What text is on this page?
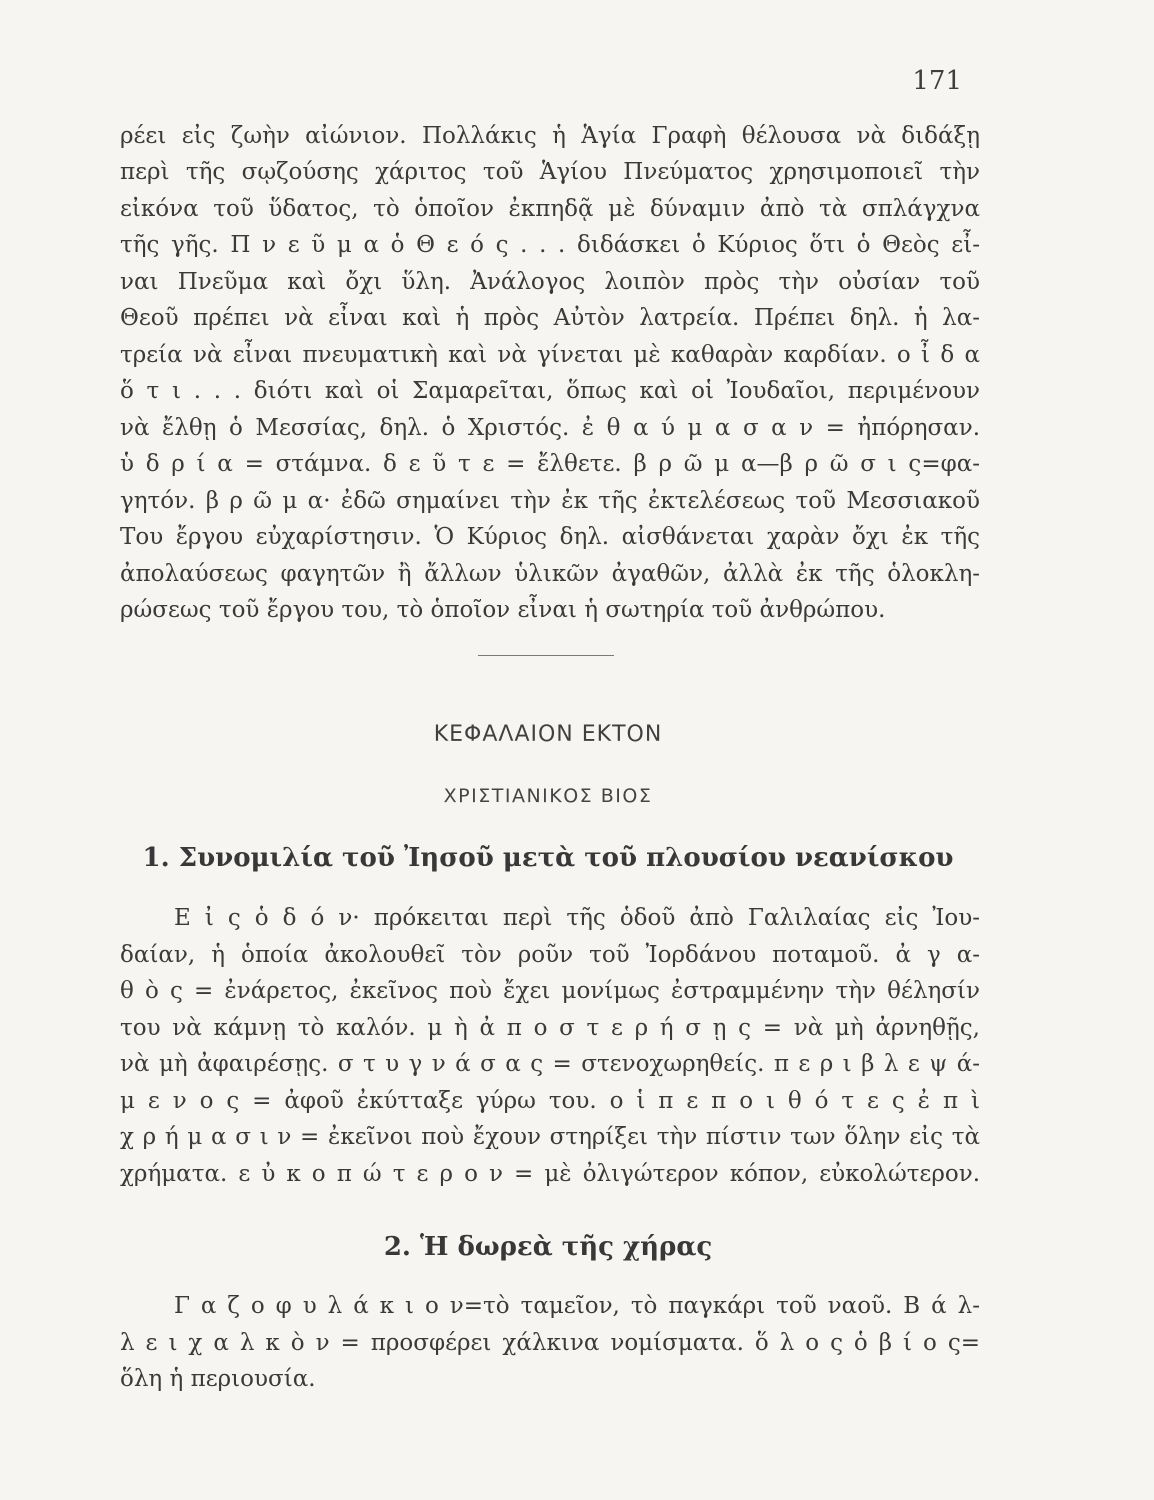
171
ρέει εἰς ζωὴν αἰώνιον. Πολλάκις ἡ Ἁγία Γραφὴ θέλουσα νὰ διδάξῃ
περὶ τῆς σῳζούσης χάριτος τοῦ Ἁγίου Πνεύματος χρησιμοποιεῖ τὴν
εἰκόνα τοῦ ὕδατος, τὸ ὁποῖον ἐκπηδᾷ μὲ δύναμιν ἀπὸ τὰ σπλάγχνα
τῆς γῆς. Π ν ε ῦ μ α ὁ Θ ε ό ς . . . διδάσκει ὁ Κύριος ὅτι ὁ Θεὸς εἶ-
ναι Πνεῦμα καὶ ὄχι ὕλη. Ἀνάλογος λοιπὸν πρὸς τὴν οὐσίαν τοῦ
Θεοῦ πρέπει νὰ εἶναι καὶ ἡ πρὸς Αὐτὸν λατρεία. Πρέπει δηλ. ἡ λα-
τρεία νὰ εἶναι πνευματικὴ καὶ νὰ γίνεται μὲ καθαρὰν καρδίαν. ο ἶ δ α
ὅ τ ι . . . διότι καὶ οἱ Σαμαρεῖται, ὅπως καὶ οἱ Ἰουδαῖοι, περιμένουν
νὰ ἔλθῃ ὁ Μεσσίας, δηλ. ὁ Χριστός. ἐ θ α ύ μ α σ α ν = ἠπόρησαν.
ὑ δ ρ ί α = στάμνα. δ ε ῦ τ ε = ἔλθετε. β ρ ῶ μ α—β ρ ῶ σ ι ς=φα-
γητόν. β ρ ῶ μ α· ἐδῶ σημαίνει τὴν ἐκ τῆς ἐκτελέσεως τοῦ Μεσσιακοῦ
Του ἔργου εὐχαρίστησιν. Ὁ Κύριος δηλ. αἰσθάνεται χαρὰν ὄχι ἐκ τῆς
ἀπολαύσεως φαγητῶν ἢ ἄλλων ὑλικῶν ἀγαθῶν, ἀλλὰ ἐκ τῆς ὁλοκλη-
ρώσεως τοῦ ἔργου του, τὸ ὁποῖον εἶναι ἡ σωτηρία τοῦ ἀνθρώπου.
ΚΕΦΑΛΑΙΟΝ ΕΚΤΟΝ
ΧΡΙΣΤΙΑΝΙΚΟΣ ΒΙΟΣ
1. Συνομιλία τοῦ Ἰησοῦ μετὰ τοῦ πλουσίου νεανίσκου
Ε ἰ ς ὁ δ ό ν· πρόκειται περὶ τῆς ὁδοῦ ἀπὸ Γαλιλαίας εἰς Ἰου-
δαίαν, ἡ ὁποία ἀκολουθεῖ τὸν ροῦν τοῦ Ἰορδάνου ποταμοῦ. ἀ γ α-
θ ὸ ς = ἐνάρετος, ἐκεῖνος ποὺ ἔχει μονίμως ἐστραμμένην τὴν θέλησίν
του νὰ κάμνῃ τὸ καλόν. μ ὴ ἀ π ο σ τ ε ρ ή σ ῃ ς = νὰ μὴ ἀρνηθῇς,
νὰ μὴ ἀφαιρέσῃς. σ τ υ γ ν ά σ α ς = στενοχωρηθείς. π ε ρ ι β λ ε ψ ά-
μ ε ν ο ς = ἀφοῦ ἐκύτταξε γύρω του. ο ἱ π ε π ο ι θ ό τ ε ς ἐ π ὶ
χ ρ ή μ α σ ι ν = ἐκεῖνοι ποὺ ἔχουν στηρίξει τὴν πίστιν των ὅλην εἰς τὰ
χρήματα. ε ὐ κ ο π ώ τ ε ρ ο ν = μὲ ὀλιγώτερον κόπον, εὐκολώτερον.
2. Ἡ δωρεὰ τῆς χήρας
Γ α ζ ο φ υ λ ά κ ι ο ν=τὸ ταμεῖον, τὸ παγκάρι τοῦ ναοῦ. Β ά λ-
λ ε ι χ α λ κ ὸ ν = προσφέρει χάλκινα νομίσματα. ὅ λ ο ς ὁ β ί ο ς=
ὅλη ἡ περιουσία.
